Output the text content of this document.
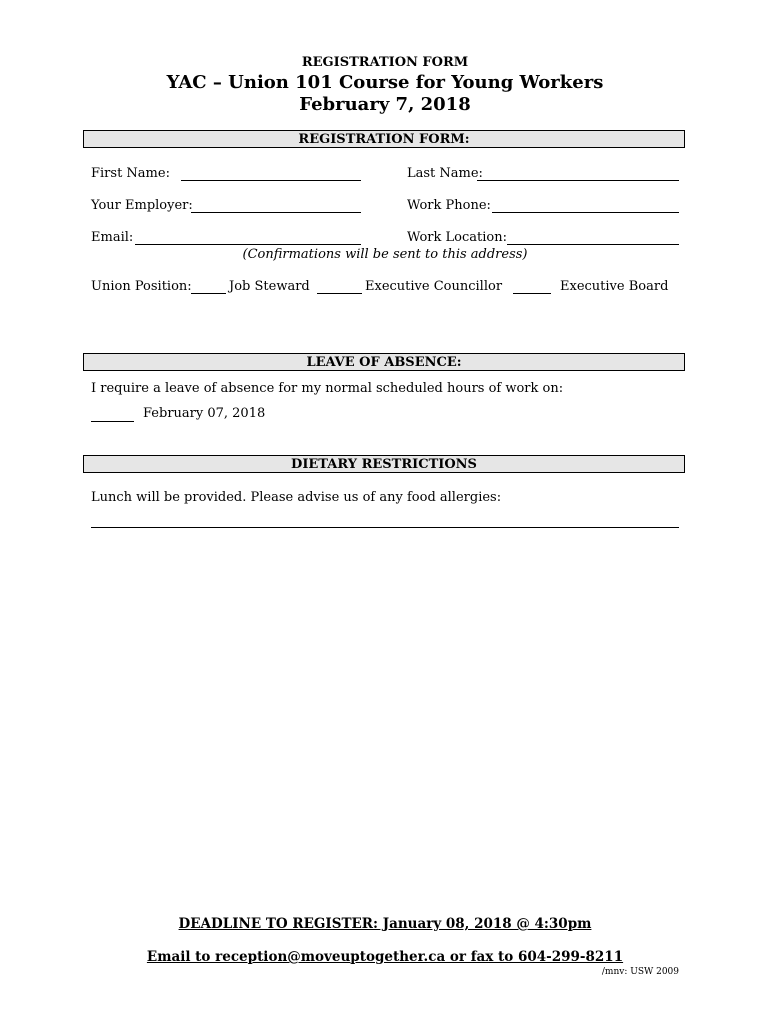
REGISTRATION FORM
YAC – Union 101 Course for Young Workers
February 7, 2018
REGISTRATION FORM:
First Name:	Last Name:
Your Employer:	Work Phone:
Email:	Work Location:
(Confirmations will be sent to this address)
Union Position:	Job Steward	Executive Councillor	Executive Board
LEAVE OF ABSENCE:
I require a leave of absence for my normal scheduled hours of work on:
February 07, 2018
DIETARY RESTRICTIONS
Lunch will be provided. Please advise us of any food allergies:
DEADLINE TO REGISTER: January 08, 2018 @ 4:30pm
Email to reception@moveuptogether.ca or fax to 604-299-8211
/mnv: USW 2009
